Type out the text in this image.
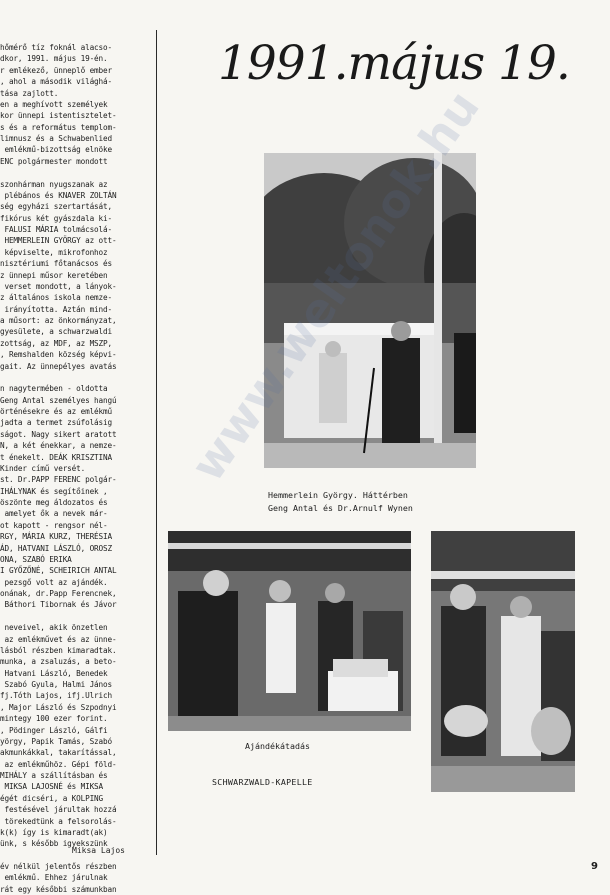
hőmérő tíz foknál alacso-
dkor, 1991. május 19-én.
r emlékező, ünneplő ember
, ahol a második világhá-
tása zajlott.
en a meghívott személyek
kor ünnepi istentisztelet-
s és a református templom-
limnusz és a Schwabenlied
emlékmű-bizottság elnöke
ENC polgármester mondott
szonhárman nyugszanak az
plébános és KNAVER ZOLTÁN
ség egyházi szertartását,
fikórus két gyászdala ki-
FALUSI MÁRIA tolmácsolá-
HEMMERLEIN GYÖRGY az ott-
képviselte, mikrofonhoz
nisztériumi főtanácsos és
z ünnepi műsor keretében
verset mondott, a lányok-
z általános iskola nemze-
irányította. Aztán mind-
a műsort: az önkormányzat,
gyesülete, a schwarzwaldi
zottság, az MDF, az MSZP,
, Remshalden község képvi-
gait. Az ünnepélyes avatás
n nagytermében - oldotta
Geng Antal személyes hangú
örténésekre és az emlékmű
jadta a termet zsúfolásig
ságot. Nagy sikert aratott
N, a két énekkar, a nemze-
t énekelt. DEÁK KRISZTINA
Kinder című versét.
st. Dr.PAPP FERENC polgár-
IHÁLYNAK és segítőinek ,
öszönte meg áldozatos és
amelyet ők a nevek már-
ot kapott - rengsor nél-
RGY, MÁRIA KURZ, THERÉSIA
ÁD, HATVANI LÁSZLÓ, OROSZ
ONA, SZABÓ ERIKA
I GYŐZŐNÉ, SCHEIRICH ANTAL
pezsgő volt az ajándék.
onának, dr.Papp Ferencnek,
Báthori Tibornak és Jávor
neveivel, akik önzetlen
az emlékművet és az ünne-
lásból részben kimaradtak.
munka, a zsaluzás, a beto-
Hatvani László, Benedek
Szabó Gyula, Halmi János
fj.Tóth Lajos, ifj.Ulrich
, Major László és Szpodnyi
mintegy 100 ezer forint.
, Pödinger László, Gálfi
yörgy, Papik Tamás, Szabó
akmunkákkal, takarítással,
az emlékműhöz. Gépi föld-
MIHÁLY a szállításban és
MIKSA LAJOSNÉ és MIKSA
égét dicséri, a KOLPING
festésével járultak hozzá
törekedtünk a felsorolás-
k(k) így is kimaradt(ak)
ünk, s később igyekszünk
év nélkül jelentős részben
emlékmű. Ehhez járulnak
rát egy későbbi számunkban
Miksa Lajos
1991.május 19.
Hemmerlein György. Háttérben
Geng Antal és Dr.Arnulf Wynen
Ajándékátadás
SCHWARZWALD-KAPELLE
9
